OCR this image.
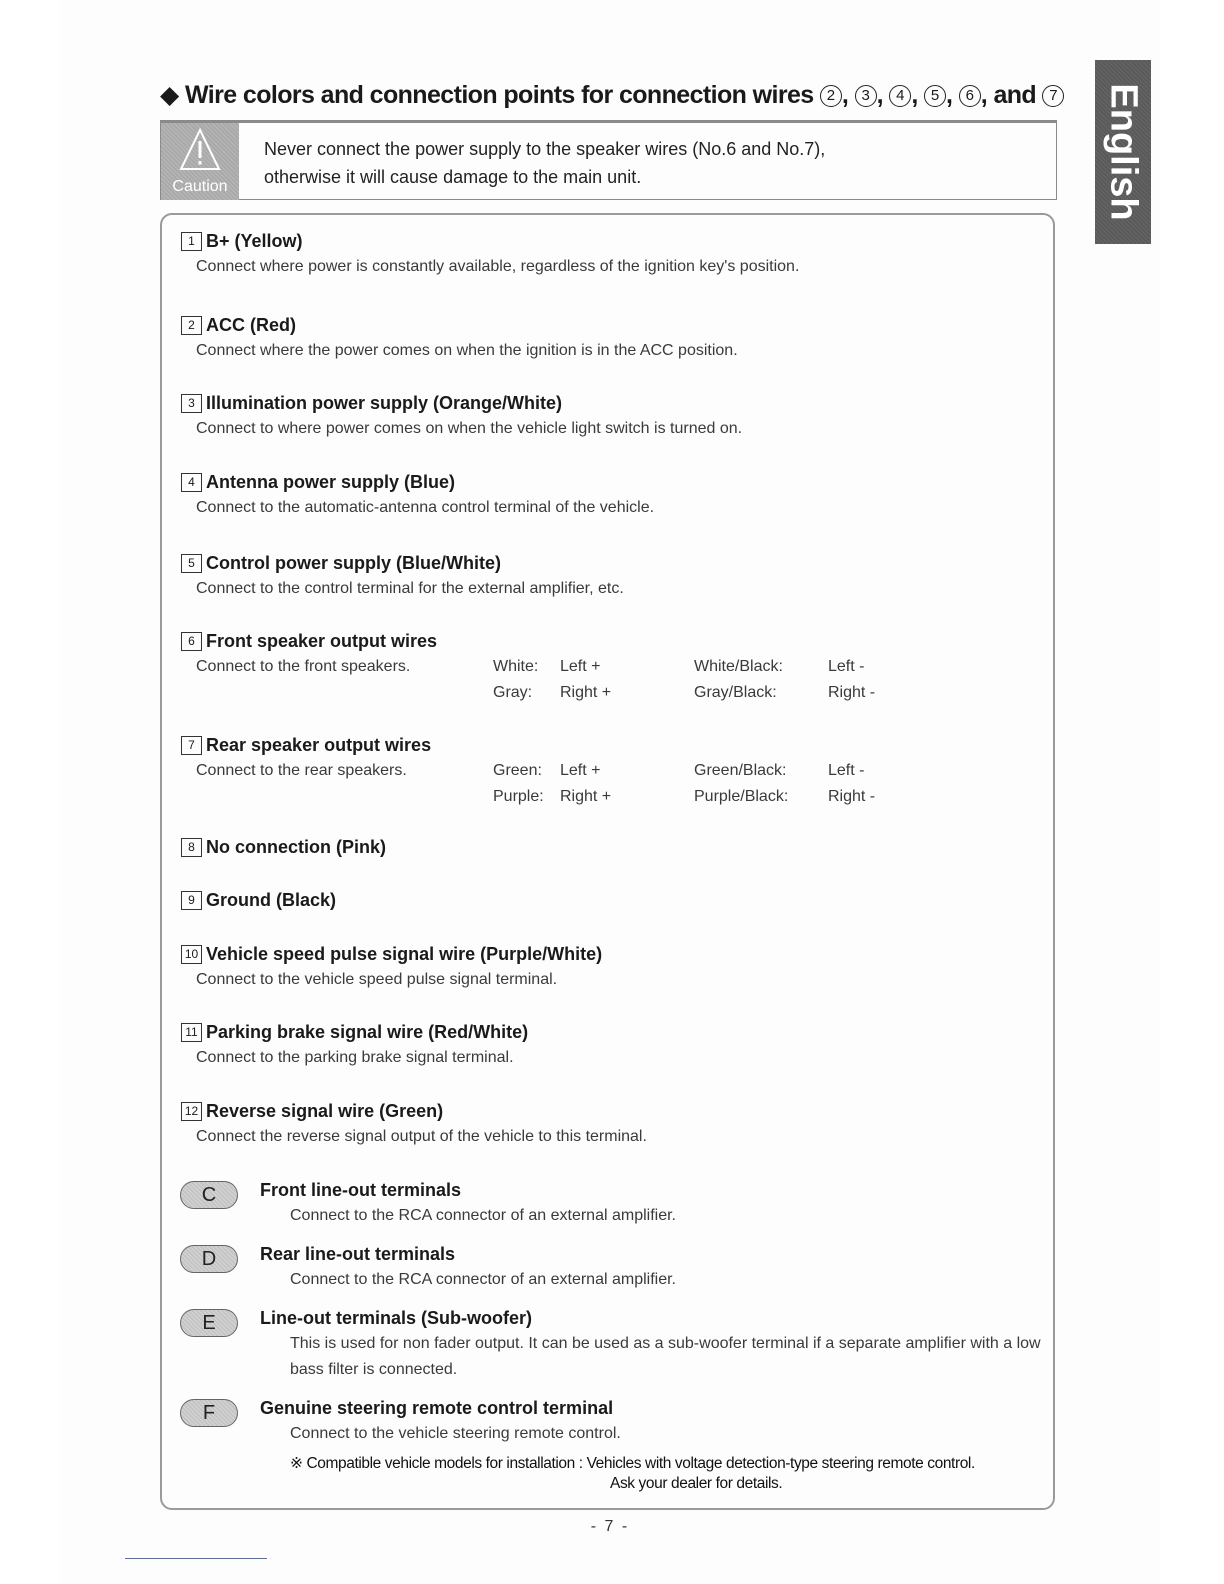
◆ Wire colors and connection points for connection wires 2 , 3 , 4 , 5 , 6 , and 7 English
Caution
Never connect the power supply to the speaker wires (No.6 and No.7),
otherwise it will cause damage to the main unit.
1 B+ (Yellow)
Connect where power is constantly available, regardless of the ignition key's position.
2 ACC (Red)
Connect where the power comes on when the ignition is in the ACC position.
3 Illumination power supply (Orange/White)
Connect to where power comes on when the vehicle light switch is turned on.
4 Antenna power supply (Blue)
Connect to the automatic-antenna control terminal of the vehicle.
5 Control power supply (Blue/White)
Connect to the control terminal for the external amplifier, etc.
6 Front speaker output wires
Connect to the front speakers.	White: Left +	White/Black:	Left -
Gray: Right +	Gray/Black:	Right -
7 Rear speaker output wires
Connect to the rear speakers.	Green: Left +	Green/Black:	Left -
Purple: Right +	Purple/Black: Right -
8 No connection (Pink)
9 Ground (Black)
10 Vehicle speed pulse signal wire (Purple/White)
Connect to the vehicle speed pulse signal terminal.
11 Parking brake signal wire (Red/White)
Connect to the parking brake signal terminal.
12 Reverse signal wire (Green)
Connect the reverse signal output of the vehicle to this terminal.
C	Front line-out terminals
Connect to the RCA connector of an external amplifier.
D	Rear line-out terminals
Connect to the RCA connector of an external amplifier.
E	Line-out terminals (Sub-woofer)
This is used for non fader output. It can be used as a sub-woofer terminal if a separate amplifier with a low bass filter is connected.
F	Genuine steering remote control terminal
Connect to the vehicle steering remote control.
※ Compatible vehicle models for installation : Vehicles with voltage detection-type steering remote control.
Ask your dealer for details.
- 7 -
